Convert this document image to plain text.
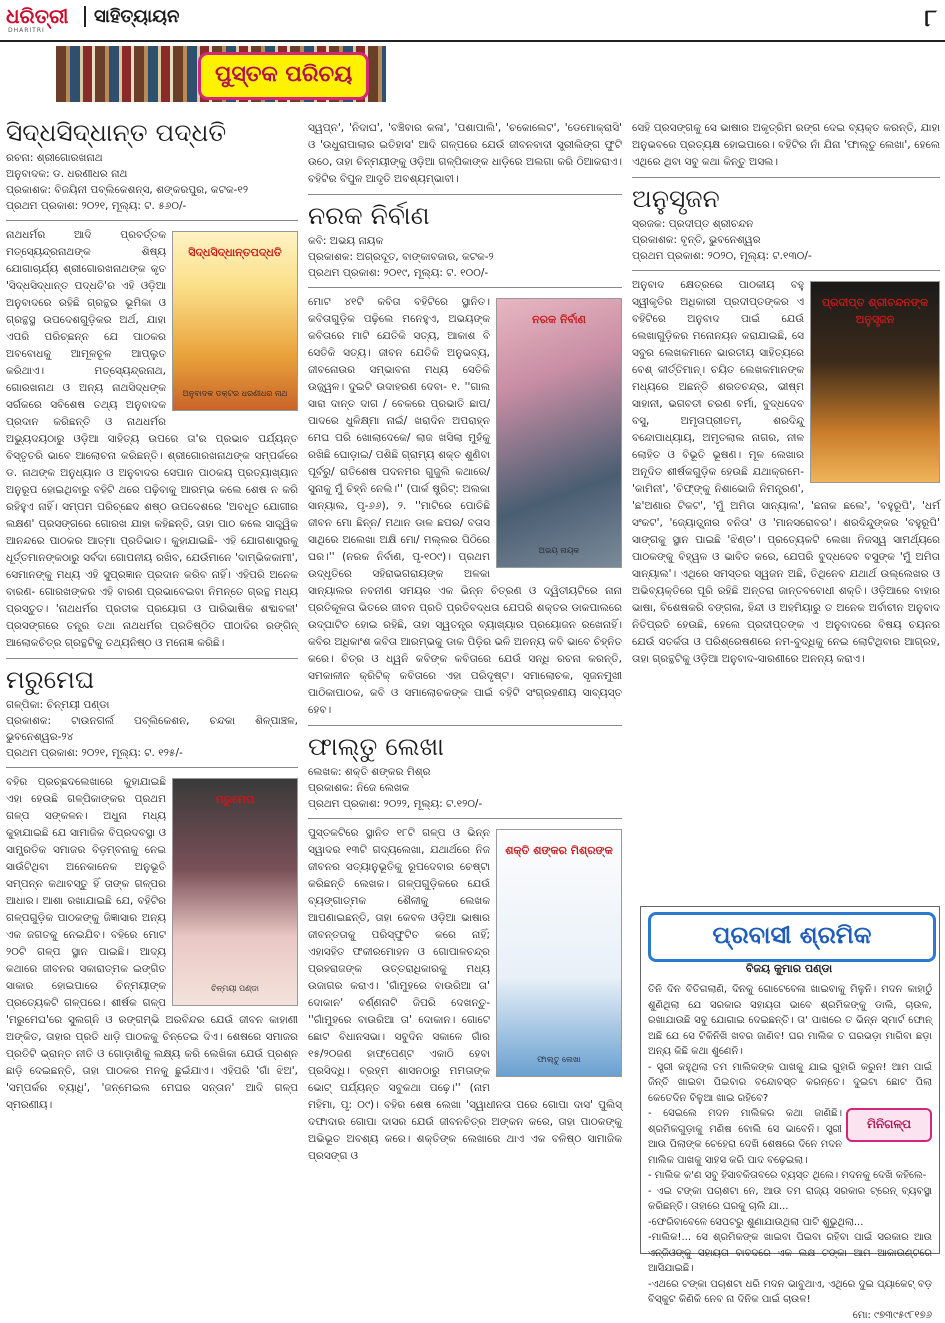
ଧରିତ୍ରୀ
DHARITRI
ସାହିତ୍ୟାୟନ	୮
ପୁସ୍ତକ ପରିଚୟ
ସିଦ୍ଧସିଦ୍ଧାନ୍ତ ପଦ୍ଧତି
ରଚନା: ଶ୍ରୀଗୋରଖନାଥ
ଅନୁବାଦକ: ଡ. ଧରଣୀଧର ନାଥ
ପ୍ରକାଶକ: ବିଜୟିନୀ ପବ୍ଲିକେଶନ୍ସ, ଶଙ୍କରପୁର, କଟକ-୧୨
ପ୍ରଥମ ପ୍ରକାଶ: ୨୦୨୧, ମୂଲ୍ୟ: ଟ. ୫୬୦/-
ସିଦ୍ଧସିଦ୍ଧାନ୍ତପଦ୍ଧତି
ଅନୁବାଦକ ଡକ୍ଟର ଧରଣୀଧର ନାଥ

ନାଥଧର୍ମର ଆଦି ପ୍ରବର୍ତ୍ତକ ମତ୍ସ୍ୟେନ୍ଦ୍ରନାଥଙ୍କ ଶିଷ୍ୟ ଯୋଗାଚାର୍ଯ୍ୟ ଶ୍ରୀଗୋରଖନାଥଙ୍କ କୃତ 'ସିଦ୍ଧସିଦ୍ଧାନ୍ତ ପଦ୍ଧତି'ର ଏହି ଓଡ଼ିଆ ଅନୁବାଦରେ ରହିଛି ଗ୍ରନ୍ଥର ଭୂମିକା ଓ ଗ୍ରନ୍ଥସ୍ଥ ଉପଦେଶଗୁଡ଼ିକର ଅର୍ଥ, ଯାହା ଏପରି ପରିଚ୍ଛନ୍ନ ଯେ ପାଠକର ଅବବୋଧକୁ ଆମୂଳଚୂଳ ଆପ୍ଲୁତ କରିଥାଏ। ମତ୍ସ୍ୟେନ୍ଦ୍ରନାଥ, ଗୋରଖନାଥ ଓ ଅନ୍ୟ ନାଥସିଦ୍ଧଙ୍କ ସର୍ଗକରେ ସବିଶେଷ ତଥ୍ୟ ଅନୁବାଦକ ପ୍ରଦାନ କରିଛନ୍ତି ଓ ନାଥଧର୍ମର ଅଭ୍ୟୁଦୟଠାରୁ ଓଡ଼ିଆ ସାହିତ୍ୟ ଉପରେ ତା'ର ପ୍ରଭାବ ପର୍ଯ୍ୟନ୍ତ ବିସ୍ତୃତରି ଭାବେ ଆଲୋଚନା କରିଛନ୍ତି। ଶ୍ରୀଗୋରଖନାଥଙ୍କ ସମ୍ପର୍କରେ ଡ. ନାଥଙ୍କ ଅନୁଧ୍ୟାନ ଓ ଅନୁବାଦର ସେପାନ ପାଠକୟ ପ୍ରତ୍ୟାଖ୍ୟାନ ଅନୁରୂପ ହୋଇଥିବାରୁ ବହିଟି ଥରେ ପଢ଼ିବାକୁ ଆରମ୍ଭ କଲେ ଶେଷ ନ କରି ରହିହୁଏ ନାହିଁ। ସମ୍ପମ ପରିଚ୍ଛେଦ ଶଷ୍ଠ ଉପଦେଶରେ 'ଅବଧୂତ ଯୋଗୀର ଲକ୍ଷଣ' ପ୍ରସଙ୍ଗରେ ଗୋରଖ ଯାହା କହିଛନ୍ତି, ତାହା ପାଠ କଲେ ସାତ୍ତ୍ୱିକ ଆନନ୍ଦରେ ପାଠକର ଆତ୍ମା ପ୍ରତିଭାତ। କୁହାଯାଇଛି- ଏହି ଯୋଗଶାସ୍ତ୍ରକୁ ଧୂର୍ତ୍ତମାନଙ୍କଠାରୁ ସର୍ବଦା ଗୋପନୀୟ ରଖିବ, ଯେଉଁମାନେ 'ଦାମ୍ଭିକକାମୀ', ସେମାନଙ୍କୁ ମଧ୍ୟ ଏହି ସୁପ୍ରଜ୍ଞାନ ପ୍ରଦାନ କରିବ ନାହିଁ। ଏହିପରି ଅନେକ ବାରଣ- ଗୋରଖଙ୍କର ଏହି ବାରଣ ପ୍ରଭାବେଇବା ନିମନ୍ତେ ଗ୍ରନ୍ଥ ମଧ୍ୟ ପ୍ରସ୍ତୁତ। 'ନାଥଧର୍ମର ପ୍ରତୀକ ପ୍ରୟୋଗ ଓ ପାରିଭାଷିକ ଶବ୍ଦାବଳୀ' ପ୍ରସଙ୍ଗରେ ତନ୍ତ୍ର ତଥା ନାଥଧର୍ମର ପ୍ରତିଷ୍ଠିତ ପୀଠାଦିର ରଙ୍ଗିନ୍ ଆଲୋକଚିତ୍ର ଗ୍ରନ୍ଥଟିକୁ ତଥ୍ୟନିଷ୍ଠ ଓ ମନୋଜ୍ଞ କରିଛି।

ମରୁମେଘ
ଗଳ୍ପିକା: ଚିନ୍ମୟୀ ପଣ୍ଡା
ପ୍ରକାଶକ: ଟାଉନଗର୍ଲ ପବ୍ଲିକେଶନ, ଚନ୍ଦକା ଶିଳ୍ପାଞ୍ଚଳ, ଭୁବନେଶ୍ୱର-୨୪
ପ୍ରଥମ ପ୍ରକାଶ: ୨୦୨୧, ମୂଲ୍ୟ: ଟ. ୧୨୫/-
ମରୁମେଘ
ଚିନ୍ମୟୀ ପଣ୍ଡା

ବହିର ପ୍ରଚ୍ଛଦଲେଖାରେ କୁହାଯାଇଛି ଏହା ହେଉଛି ଗଳ୍ପିକାଙ୍କର ପ୍ରଥମ ଗଳ୍ପ ସଙ୍କଳନ। ଅଧୁନା ମଧ୍ୟ କୁହାଯାଇଛି ଯେ ସାମାଜିକ ବିପ୍ରଦବସ୍ଥା ଓ ସାମ୍ପ୍ରତିକ ସମାଜର ବିଡ଼ମ୍ବନାକୁ ନେଇ ସାଉଁଟିଥିବା ଅନେକାନେକ ଅନୁଭୂତି ସମ୍ପନ୍ନ କଥାବସ୍ତୁ ହିଁ ତାଙ୍କ ଗଳ୍ପର ଆଧାର। ଆଶା ରଖାଯାଇଛି ଯେ, ବହିଟିର ଗଳ୍ପଗୁଡ଼ିକ ପାଠକଙ୍କୁ ଜିଜ୍ଞାସାର ଅନ୍ୟ ଏକ ଜଗତକୁ ନେଇଯିବ। ବହିରେ ମୋଟ ୨୦ଟି ଗଳ୍ପ ସ୍ଥାନ ପାଇଛି। ଆଦ୍ୟ କଥାରେ ଜୀବନର ସକାରାତ୍ମକ ଇଙ୍ଗିତ ସାକାର ହୋଇପାରେ ଚିନ୍ମୟୀଙ୍କ ପ୍ରତ୍ୟେକଟି ଗଳ୍ପରେ। ଶୀର୍ଷକ ଗଳ୍ପ 'ମରୁମେଘ'ରେ ସୁଲଗ୍ନି ଓ ରଙ୍ଗମ୍ଭି ଅରବିନ୍ଦର ଯେଉଁ ଜୀବନ କାହାଣୀ ଅଙ୍କିତ, ତାହାର ପ୍ରତି ଧାଡ଼ି ପାଠକକୁ ଚିନ୍ତେଇ ଦିଏ। ଶେଷରେ ସମାଜର ପ୍ରତିଟି ଭ୍ରାନ୍ତ ନୀତି ଓ ଗୋଡ଼ାଣିକୁ ଲକ୍ଷ୍ୟ କରି ଲେଖିକା ଯେଉଁ ପ୍ରଶ୍ନ ଛାଡ଼ି ଦେଇଛନ୍ତି, ତାହା ପାଠକର ମନକୁ ଛୁଇଁଯାଏ। ଏହିପରି 'ଗାଁ ଝିଅ', 'ସମ୍ପର୍କର ବ୍ୟାଧି', 'ଜନ୍ମେଇଲ ମେଘର ସନ୍ତାନ' ଆଦି ଗଳ୍ପ ସ୍ମରଣୀୟ।

ସ୍ୱପ୍ନ', 'ନିଦାଘ', 'ବଞ୍ଚିବାର କଳା', 'ପଶାପାଲି', 'ଚକୋଲେଟ', 'ଡେମୋକ୍ରାସି' ଓ 'ଉଧୁରାପାଲାର ଇତିହାସ' ଆଦି ଗଳ୍ପରେ ଯେଉଁ ଜୀବନବାଦୀ ସ୍ତ୍ରୀଲିଙ୍ଗ ଫୁଟି ଉଠେ, ତାହା ଚିନ୍ମୟୀଙ୍କୁ ଓଡ଼ିଆ ଗଳ୍ପିକାଙ୍କ ଧାଡ଼ିରେ ଅଲଗା କରି ଠିଆକରାଏ। ବହିଟିର ବିପୁଳ ଆଦୃତି ଅବଶ୍ୟମ୍ଭାବୀ।

ନରକ ନିର୍ବାଣ
କବି: ଅଭୟ ନାୟକ
ପ୍ରକାଶକ: ଅଗ୍ରଦୂତ, ବାଙ୍କାବଜାର, କଟକ-୨
ପ୍ରଥମ ପ୍ରକାଶ: ୨୦୧୯, ମୂଲ୍ୟ: ଟ. ୧୦୦/-
ନରକ ନିର୍ବାଣ
ଅଭୟ ନାୟକ

ମୋଟ ୪୧ଟି କବିତା ବହିଟିରେ ସ୍ଥାନିତ। କବିତାଗୁଡ଼ିକ ପଢ଼ିଲେ ମନେହୁଏ, ଅଭୟଙ୍କ କବିତାରେ ମାଟି ଯେତିକି ସତ୍ୟ, ଆକାଶ ବି ସେତିକି ସତ୍ୟ। ଜୀବନ ଯେତିକି ଅନୁଭବ୍ୟ, ଜୀବନୋଉର ସମ୍ଭାବନା ମଧ୍ୟ ସେତିକି ଉଜ୍ଜ୍ୱଳ। ଦୁଇଟି ଉଦାହରଣ ଦେବା- ୧. ''ଗାଲ ସାରା ଦାନ୍ତ ଦାଗ / ବେକରେ ପ୍ରଭାତି ଛାପ/ ପାଦରେ ଧୁଳିକ୍ଷ୍ମା ନାଇଁ/ ଖରାଦିନ ଅପରାହ୍ନ ମେଘ ପରି ଖୋଲାଦେକେ/ ଲାଜ ଖସିଲା ମୁହଁକୁ ରଖିଛି ଘୋଡ଼ାଇ/ ପଶିଛି ଗ୍ରାମ୍ୟ ଶକ୍ତ ଶୁଣିବା ପୂର୍ବରୁ/ ରାତିଶେଷ ପଦନମର ଗୁଜୁଲି କଥାରେ/ ସୁନାକୁ ମୁଁ ଚିହ୍ନି ନେଲି।'' (ପାର୍କ ଷ୍ଟ୍ରିଟ୍: ଅଲକା ସାନ୍ୟାଲ, ପୃ-୬୬), ୨. ''ମାଟିରେ ପୋତିଛି ଜୀବନ ମୋ ଛିନ୍ନ/ ମଥାନ ଡାଳ ଛପର/ ବତାସ ସାଥିରେ ଅଲେଖା ଅକ୍ଷି ମୋ/ ମଲ୍ଲର ପିଠିରେ ଘର।'' (ନରକ ନିର୍ବାଣ, ପୃ-୧୦୯)। ପ୍ରଥମ ଉଦ୍ଧୃତିରେ ସହିରାଭଗରାୟଙ୍କ ଅଳକା ସାନ୍ୟାଲର ନବନୀଣ ସମୟର ଏକ ଭିନ୍ନ ଚିତ୍ରଣ ଓ ଦ୍ୱିତୀୟଟିରେ ନାନା ପ୍ରତିକୂଳତା ଭିତରେ ଜୀବନ ପ୍ରତି ପ୍ରତିବଦ୍ଧତା ଯେପରି ଶକ୍ତର ଡାକପାଲରେ ଉଦ୍‌ଘାଟିତ ହୋଇ ରହିଛି, ତାହା ସ୍ୱତନ୍ତ୍ର ବ୍ୟାଖ୍ୟାର ପ୍ରୟୋଜନ ରଖେନାହିଁ। କବିର ଅଧିକାଂଶ କବିତା ଆରମ୍ଭକୁ ଡାକ ପିଡ଼ିର ଭଳି ଅନନ୍ୟ କବି ଭାବେ ଚିହ୍ନିତ କରେ। ଚିତ୍ର ଓ ଧ୍ୱନି କବିଙ୍କ କବିତାରେ ଯେଉଁ ସନ୍ଧି ରଚନା କରନ୍ତି, ସମକାଳୀନ କ୍ରିଟିକ୍ କବିତାରେ ଏହା ପରିଦୃଷ୍ଟ। ସମାଲୋଚକ, ସୃଜନମୁଖୀ ପାଠିକାପାଠକ, କବି ଓ ସମାଲୋଚକଙ୍କ ପାଇଁ ବହିଟି ସଂଗ୍ରହଣୀୟ ସାବ୍ୟସ୍ତ ହେବ।

ଫାଲ୍‌ତୁ ଲେଖା
ଲେଖକ: ଶକ୍ତି ଶଙ୍କର ମିଶ୍ର
ପ୍ରକାଶକ: ନିଜେ ଲେଖକ
ପ୍ରଥମ ପ୍ରକାଶ: ୨୦୨୨, ମୂଲ୍ୟ: ଟ.୧୨୦/-
ଶକ୍ତି ଶଙ୍କର ମିଶ୍ରଙ୍କ
ଫାଲ୍‌ତୁ ଲେଖା

ପୁସ୍ତକଟିରେ ସ୍ଥାନିତ ୧୮ଟି ଗଳ୍ପ ଓ ଭିନ୍ନ ସ୍ୱାଦର ୧୩ଟି ଗଦ୍ୟଲେଖା, ଯଥାର୍ଥରେ ନିଜ ଜୀବନର ସତ୍ୟାନୁଭୂତିକୁ ରୂପଦେବାର ଚେଷ୍ଟା କରିଛନ୍ତି ଲେଖକ। ଗଳ୍ପଗୁଡ଼ିକରେ ଯେଉଁ ବ୍ୟଙ୍ଗାତ୍ମକ ଶୈଳୀକୁ ଲେଖକ ଆପଣାଇଛନ୍ତି, ତାହା କେବଳ ଓଡ଼ିଆ ଭାଷାର ଜୀବନ୍ତତାକୁ ପରିସ୍ଫୁଟିତ କରେ ନାହିଁ; ଏହାସହିତ ଫକୀରମୋହନ ଓ ଗୋପାଳଚନ୍ଦ୍ର ପ୍ରହରାଜଙ୍କ ଉତ୍ତରାଧିକାରକୁ ମଧ୍ୟ ଉଜାଗର କରାଏ। 'ଗାଁମୁହରେ ବାଉରିଆ ତା' ଦୋକାନ' ବର୍ଣ୍ଣନାଟି ଜିପରି ଦେଖନ୍ତୁ- ''ଗାଁମୁହରେ ବାଉରିଆ ତା' ଦୋକାନ। ଗୋଟେ ଛୋଟ ବିଧାନସଭା। ସବୁଦିନ ସକାଳେ ଗାଁର ୧୫/୨୦ଜଣ ହାଫ୍‌ପେଣ୍ଟ ଏକାଠି ହେବା ପ୍ରସିଦ୍ଧି। ବ୍ରହ୍ମ ଶାସନଠାରୁ ମମତାଙ୍କ ଭୋଟ୍ ପର୍ଯ୍ୟନ୍ତ ସବୁକଥା ପଢ଼େ।'' (ନାମ ମହିମା, ପୃ: ୦୯)। ବହିର ଶେଷ ଲେଖା 'ସ୍ୱାଧୀନତା ପରେ ଗୋପା ଦାସ' ପୁଲିସ୍ ଦଫାଦାର ଗୋପା ଦାସର ଯେଉଁ ଜୀବନଚିତ୍ର ଅଙ୍କନ କରେ, ତାହା ପାଠକଙ୍କୁ ଅଭିଭୂତ ଅବଶ୍ୟ କରେ। ଶକ୍ତିଙ୍କ ଲେଖାରେ ଥାଏ ଏକ ବଳିଷ୍ଠ ସାମାଜିକ ପ୍ରସଙ୍ଗ ଓ

ସେହି ପ୍ରସଙ୍ଗକୁ ସେ ଭାଷାର ଅକୃତ୍ରିମ ରଙ୍ଗ ଦେଇ ବ୍ୟକ୍ତ କରନ୍ତି, ଯାହା ଅନୁଭବରେ ପ୍ରତ୍ୟକ୍ଷ ହୋଇପାରେ। ବହିଟିର ନାଁ ଯିନା 'ଫାଲ୍‌ତୁ ଲେଖା', ହେଲେ ଏଥିରେ ଥିବା ସବୁ କଥା କିନ୍ତୁ ଅସଲ।

ଅନୁସୃଜନ
ସ୍ରଜକ: ପ୍ରଦୀପ୍ତ ଶ୍ରୀଚନ୍ଦନ
ପ୍ରକାଶକ: ବୃନ୍ତି, ଭୁବନେଶ୍ୱର
ପ୍ରଥମ ପ୍ରକାଶ: ୨୦୨୦, ମୂଲ୍ୟ: ଟ.୧୩୦/-
ପ୍ରଦୀପ୍ତ ଶ୍ରୀଚନ୍ଦନଙ୍କ ଅନୁସୃଜନ

ଅନୁବାଦ କ୍ଷେତ୍ରରେ ପାଠକୀୟ ବହୁ ସ୍ୱୀକୃତିର ଅଧିକାରୀ ପ୍ରଦୀପ୍ତଙ୍କର ଏ ବହିଟିରେ ଅନୁବାଦ ପାଇଁ ଯେଉଁ ଲେଖାଗୁଡ଼ିକର ମନୋନୟନ କରାଯାଇଛି, ସେ ସବୁର ଲେଖକମାନେ ଭାରତୀୟ ସାହିତ୍ୟରେ ବେଶ୍ କୀର୍ତ୍ତିମାନ୍। ଚୟିତ ଲେଖକମାନଙ୍କ ମଧ୍ୟରେ ଅଛନ୍ତି ଶରତଚନ୍ଦ୍ର, ଭୀଷ୍ମ ସାହାନୀ, ଭଗବତୀ ଚରଣ ବର୍ମା, ବୁଦ୍ଧଦେବ ବସୁ, ଅମୃତାପ୍ରୀତମ୍, ଶରଦିନ୍ଦୁ ବନ୍ଦୋପାଧ୍ୟାୟ, ଅମୃତଲାଲ ନାଗର, ନୀଳ ଲୋହିତ ଓ ବିଭୂତି ଭୂଷଣ। ମୂଳ ଲେଖାର ଅନୂଦିତ ଶୀର୍ଷକଗୁଡ଼ିକ ହେଉଛି ଯଥାକ୍ରମେ- 'କାମିନୀ', 'ଚିଫ୍‌ଙ୍କୁ ନିଶାଭୋଜି ନିମନ୍ତ୍ରଣ', 'ଛ'ଅଣାର ଟିକଟ', 'ମୁଁ ଅମିତା ସାନ୍ୟାଲ', 'ଛନାକ ଛଲେ', 'ବହୁରୂପି', 'ଧର୍ମ ସଂକଟ', 'ଜ୍ୟୋତ୍ସ୍ନାର ବନିତା' ଓ 'ମାନସରୋବର'। ଶରଦିନ୍ଦୁଙ୍କର 'ବହୁରୂପି' ସାଙ୍ଗକୁ ସ୍ଥାନ ପାଇଛି 'ଝିଣ୍ଡ'। ପ୍ରତ୍ୟେକଟି ଲେଖା ନିଜସ୍ୱ ସାମର୍ଥ୍ୟରେ ପାଠକଙ୍କୁ ବିହ୍ୱଳ ଓ ଭାବିତ କରେ, ଯେପରି ବୁଦ୍ଧଦେବ ବସୁଙ୍କ 'ମୁଁ ଅମିତା ସାନ୍ୟାଲ'। ଏଥିରେ ସମସ୍ତର ସ୍ୱଜନ ଅଛି, ତିଥିନେବ ଯଥାର୍ଥ ଉଲ୍ଲେଖର ଓ ଅଭିବ୍ୟକ୍ତିରେ ପୂରି ରହିଛି ଅନ୍ତରା ଜାନ୍ତବବୋଧୀ ଶକ୍ତି। ଓଡ଼ିଆରେ ବାହାର ଭାଷା, ବିଶେଷକରି ବଙ୍ଗଳା, ହିନ୍ଦୀ ଓ ଅହମିୟାରୁ ତ ଅନେକ ଅର୍ବାଚୀନ ଅନୁବାଦ ନିତିପ୍ରତି ହେଉଛି, ହେଲେ ପ୍ରଦୀପ୍ତଙ୍କ ଏ ଅନୁବାଦରେ ବିଷୟ ଚୟନର ଯେଉଁ ସତର୍କତା ଓ ପରିଶ୍ରେଷଣରେ ନମ-ବୁଦ୍ଧିକୁ ନେଇ ଲୋଟିଥିବାର ଆଗ୍ରହ, ତାହା ଗ୍ରନ୍ଥଟିକୁ ଓଡ଼ିଆ ଅନୁବାଦ-ସାରଣୀରେ ଅନନ୍ୟ କରାଏ।

ପ୍ରବାସୀ ଶ୍ରମିକ
ବିଜୟ କୁମାର ପଣ୍ଡା

ତିନି ଦିନ ବିତିଗଲାଣି, ଦିନକୁ ଗୋଟେବେଳା ଖାଇବାକୁ ମିଳୁନି। ମଦନ କାହାଠୁଁ ଶୁଣିଥିଲା ଯେ ସରକାର ସହାୟତା ଭାବେ ଶ୍ରମିକଙ୍କୁ ଡାଲି, ଚାଉଳ, ରଖାଯାଉଛି ସବୁ ଯୋଗାଇ ଦେଇଛନ୍ତି। ତା' ପାଖରେ ତ ଭିନ୍ନ ସ୍ମାର୍ଟ ଫୋନ୍ ଅଛି ଯେ ସେ ଟିକିନିଖି ଖବର ଜାଣିବ! ଘର ମାଲିକ ତ ଘରଭଡ଼ା ମାଗିବା ଛଡ଼ା ଅନ୍ୟ କିଛି କଥା ଶୁଣେନି।

- ସ୍ତ୍ରୀ କହୁଥିଲା ତମ ମାଲିକଙ୍କ ପାଖକୁ ଯାଇ ଗୁହାରି କରୁନ! ଆମ ପାଇଁ ଜିନ୍ତି ଖାଇବା ପିଇବାର ବନ୍ଦୋବସ୍ତ କରନ୍ତେ। ଦୁଇଟା ଛୋଟ ପିଲା କେତେଦିନ ବିଳୁଆ ଖାଇ ରହିବେ?

ମିନିଗଳ୍ପ

- ସେଇଲେ ମଦନ ମାଲିକର କଥା ଜାଣିଛି। ଶ୍ରମିକଗୁଡ଼ାକୁ ମଣିଷ ବୋଲି ସେ ଭାବେନି। ସ୍ତ୍ରୀ ଆଉ ପିଲାଙ୍କ ଚେହେରା ଦେଖି ଶେଷରେ ଦିନେ ମଦନ ମାଲିକ ପାଖକୁ ସାହସ କରି ପାଦ ବଢ଼େଇଲା।

- ମାଲିକ କ'ଣ ସବୁ ହିସାବକିତାବରେ ବ୍ୟସ୍ତ ଥିଲେ। ମଦନକୁ ଦେଖି କହିଲେ-

- ଏଇ ଟଙ୍କା ପଚାଶଟା ନେ, ଆଉ ତମ ରାଜ୍ୟ ସରକାର ଟ୍ରେନ୍ ବ୍ୟବସ୍ଥା କରିଛନ୍ତି। ତାହାରେ ଘରକୁ ଚାଲି ଯା...

-ଫେରିବାବେଳେ ସେପଟରୁ ଶୁଣାଯାଉଥିଲା ପାଟି ଶୁଭୁଥିଲା...

-ମାଲିକ!... ସେ ଶ୍ରମିକଙ୍କ ଖାଇବା ପିଇବା ରହିବା ପାଇଁ ସରକାର ଆଉ ଏନ୍‌ଜିଓଙ୍କୁ ସହାୟତା ବାବଦରେ ଏକ ଲକ୍ଷ ଟଙ୍କା ଆମ ଆକାଉଣ୍ଟରେ ଆସିଯାଇଛି।

-ଏଥରେ ଟଙ୍କା ପଚାଶଟା ଧରି ମଦନ ଭାବୁଥାଏ, ଏଥିରେ ଦୁଇ ପ୍ୟାକେଟ୍ ବଡ଼ ବିସ୍କୁଟ କିଣିକି ନେବ ନା ଦିନିକ ପାଇଁ ଚାଉଳ!

ମୋ: ୯୭୩୯୫୯୮୧୭୬
